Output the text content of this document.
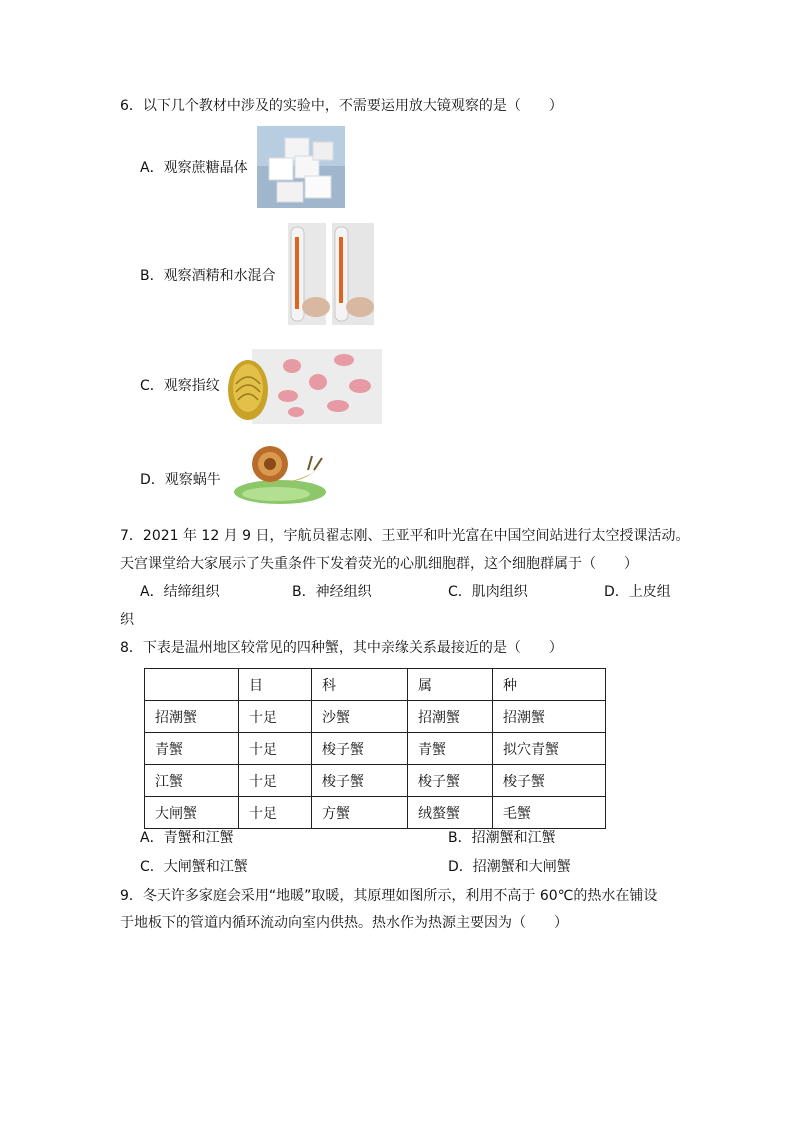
6．以下几个教材中涉及的实验中，不需要运用放大镜观察的是（　　）
A．观察蔗糖晶体
B．观察酒精和水混合
C．观察指纹
D．观察蜗牛
7．2021 年 12 月 9 日，宇航员翟志刚、王亚平和叶光富在中国空间站进行太空授课活动。
天宫课堂给大家展示了失重条件下发着荧光的心肌细胞群，这个细胞群属于（　　）
A．结缔组织	B．神经组织	C．肌肉组织	D．上皮组
织
8．下表是温州地区较常见的四种蟹，其中亲缘关系最接近的是（　　）
	目	科	属	种
招潮蟹	十足	沙蟹	招潮蟹	招潮蟹
青蟹	十足	梭子蟹	青蟹	拟穴青蟹
江蟹	十足	梭子蟹	梭子蟹	梭子蟹
大闸蟹	十足	方蟹	绒螯蟹	毛蟹
A．青蟹和江蟹	B．招潮蟹和江蟹
C．大闸蟹和江蟹	D．招潮蟹和大闸蟹
9．冬天许多家庭会采用“地暖”取暖，其原理如图所示，利用不高于 60℃的热水在铺设
于地板下的管道内循环流动向室内供热。热水作为热源主要因为（　　）
